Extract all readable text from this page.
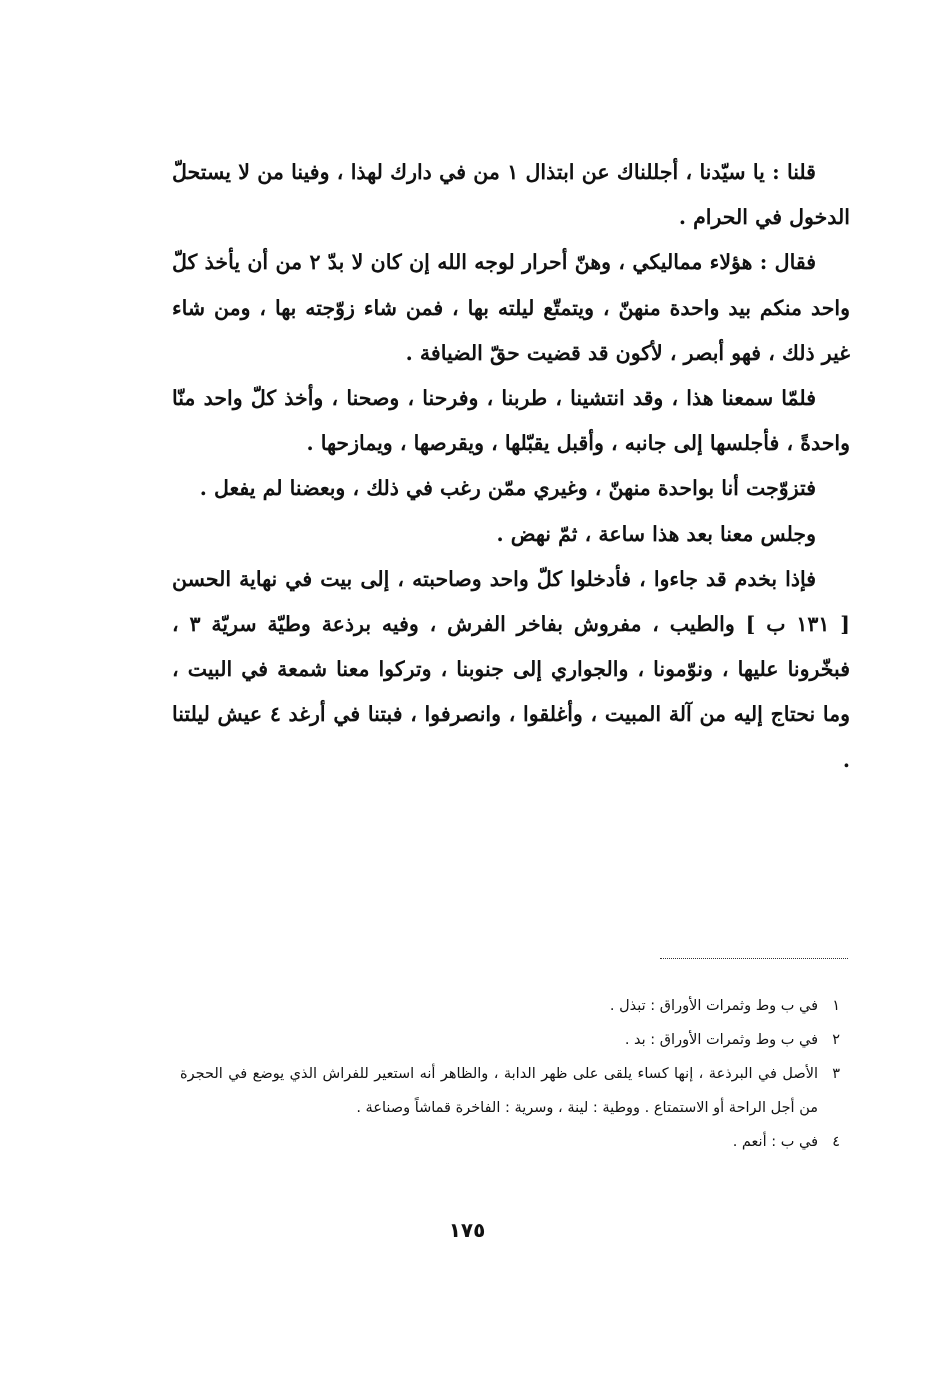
قلنا : يا سيّدنا ، أجللناك عن ابتذال ١ من في دارك لهذا ، وفينا من لا يستحلّ الدخول في الحرام .

فقال : هؤلاء مماليكي ، وهنّ أحرار لوجه الله إن كان لا بدّ ٢ من أن يأخذ كلّ واحد منكم بيد واحدة منهنّ ، ويتمتّع ليلته بها ، فمن شاء زوّجته بها ، ومن شاء غير ذلك ، فهو أبصر ، لأكون قد قضيت حقّ الضيافة .

فلمّا سمعنا هذا ، وقد انتشينا ، طربنا ، وفرحنا ، وصحنا ، وأخذ كلّ واحد منّا واحدةً ، فأجلسها إلى جانبه ، وأقبل يقبّلها ، ويقرصها ، ويمازحها .

فتزوّجت أنا بواحدة منهنّ ، وغيري ممّن رغب في ذلك ، وبعضنا لم يفعل .

وجلس معنا بعد هذا ساعة ، ثمّ نهض .

فإذا بخدم قد جاءوا ، فأدخلوا كلّ واحد وصاحبته ، إلى بيت في نهاية الحسن [ ١٣١ ب ] والطيب ، مفروش بفاخر الفرش ، وفيه برذعة وطيّة سريّة ٣ ، فبخّرونا عليها ، ونوّمونا ، والجواري إلى جنوبنا ، وتركوا معنا شمعة في البيت ، وما نحتاج إليه من آلة المبيت ، وأغلقوا ، وانصرفوا ، فبتنا في أرغد ٤ عيش ليلتنا .

١
في ب وط وثمرات الأوراق : تبذل .
٢
في ب وط وثمرات الأوراق : بد .
٣
الأصل في البرذعة ، إنها كساء يلقى على ظهر الدابة ، والظاهر أنه استعير للفراش الذي يوضع في الحجرة من أجل الراحة أو الاستمتاع . ووطية : لينة ، وسرية : الفاخرة قماشاً وصناعة .
٤
في ب : أنعم .
١٧٥
